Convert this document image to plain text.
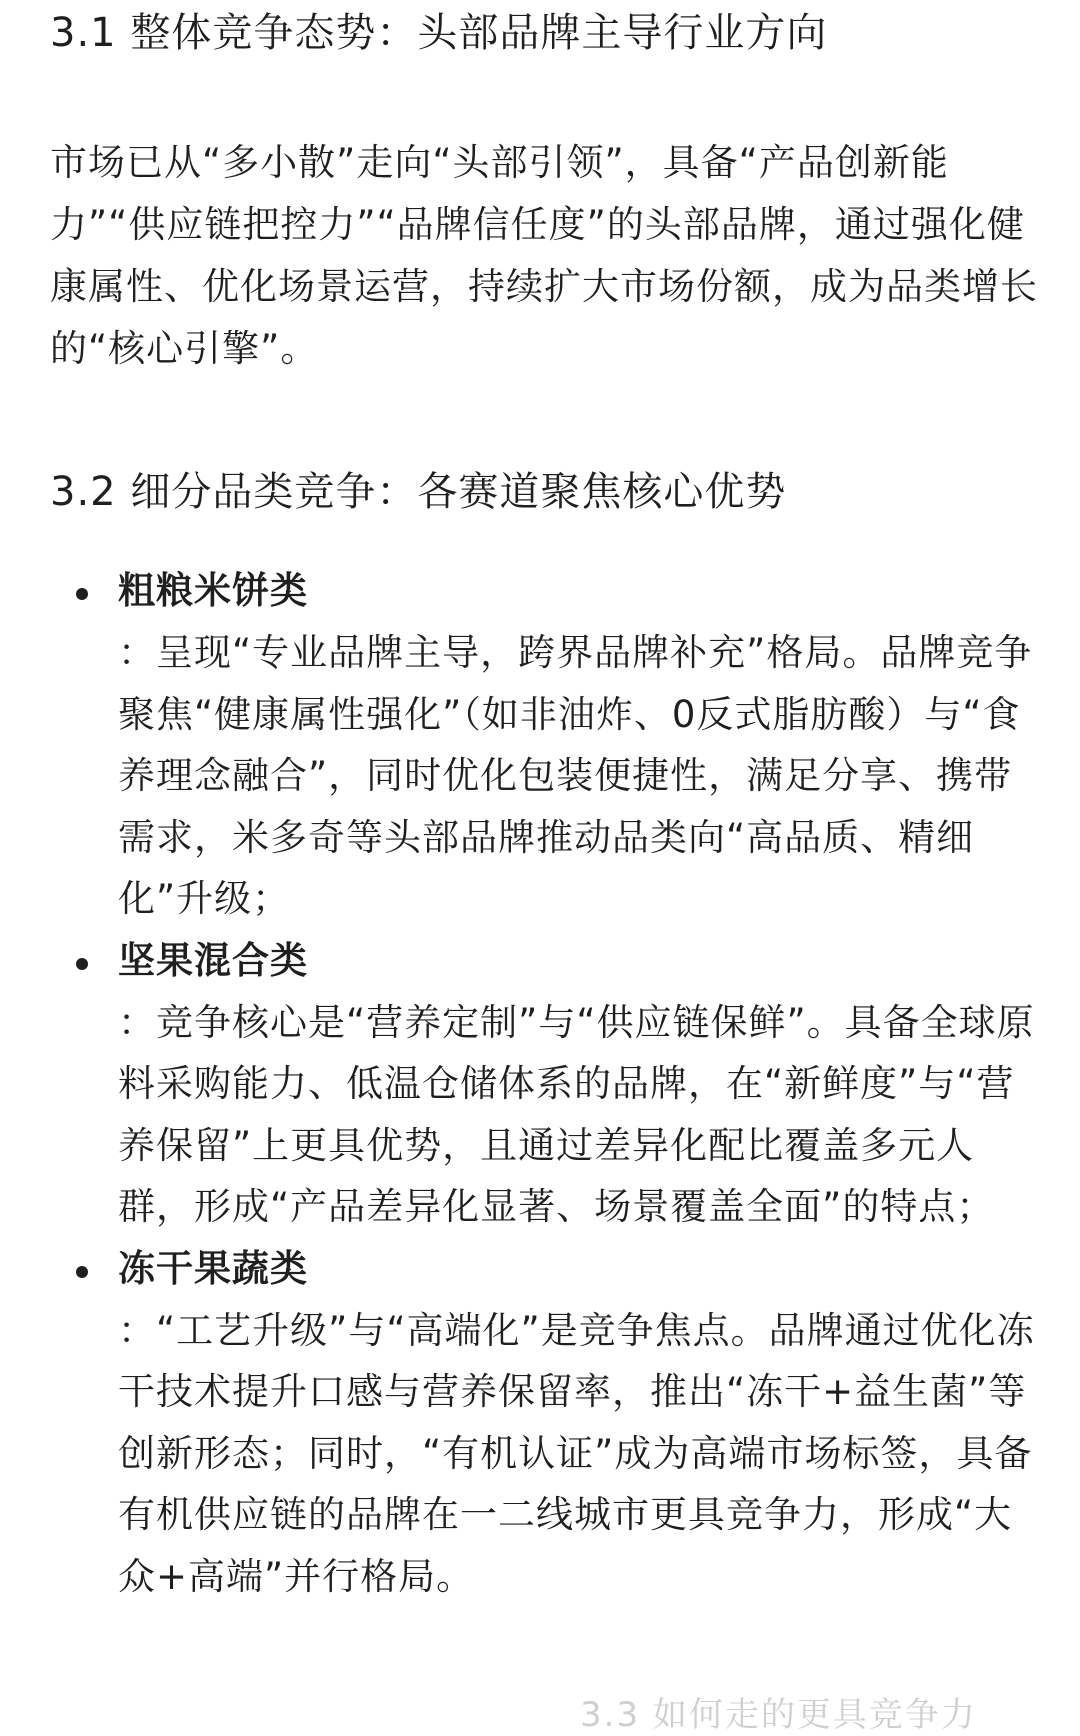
3.1 整体竞争态势：头部品牌主导行业方向

市场已从“多小散”走向“头部引领”，具备“产品创新能力”“供应链把控力”“品牌信任度”的头部品牌，通过强化健康属性、优化场景运营，持续扩大市场份额，成为品类增长的“核心引擎”。

3.2 细分品类竞争：各赛道聚焦核心优势
粗粮米饼类
：呈现“专业品牌主导，跨界品牌补充”格局。品牌竞争聚焦“健康属性强化”（如非油炸、0反式脂肪酸）与“食养理念融合”，同时优化包装便捷性，满足分享、携带需求，米多奇等头部品牌推动品类向“高品质、精细化”升级；
坚果混合类
：竞争核心是“营养定制”与“供应链保鲜”。具备全球原料采购能力、低温仓储体系的品牌，在“新鲜度”与“营养保留”上更具优势，且通过差异化配比覆盖多元人群，形成“产品差异化显著、场景覆盖全面”的特点；
冻干果蔬类
：“工艺升级”与“高端化”是竞争焦点。品牌通过优化冻干技术提升口感与营养保留率，推出“冻干+益生菌”等创新形态；同时，“有机认证”成为高端市场标签，具备有机供应链的品牌在一二线城市更具竞争力，形成“大众+高端”并行格局。
3.3 如何走的更具竞争力
